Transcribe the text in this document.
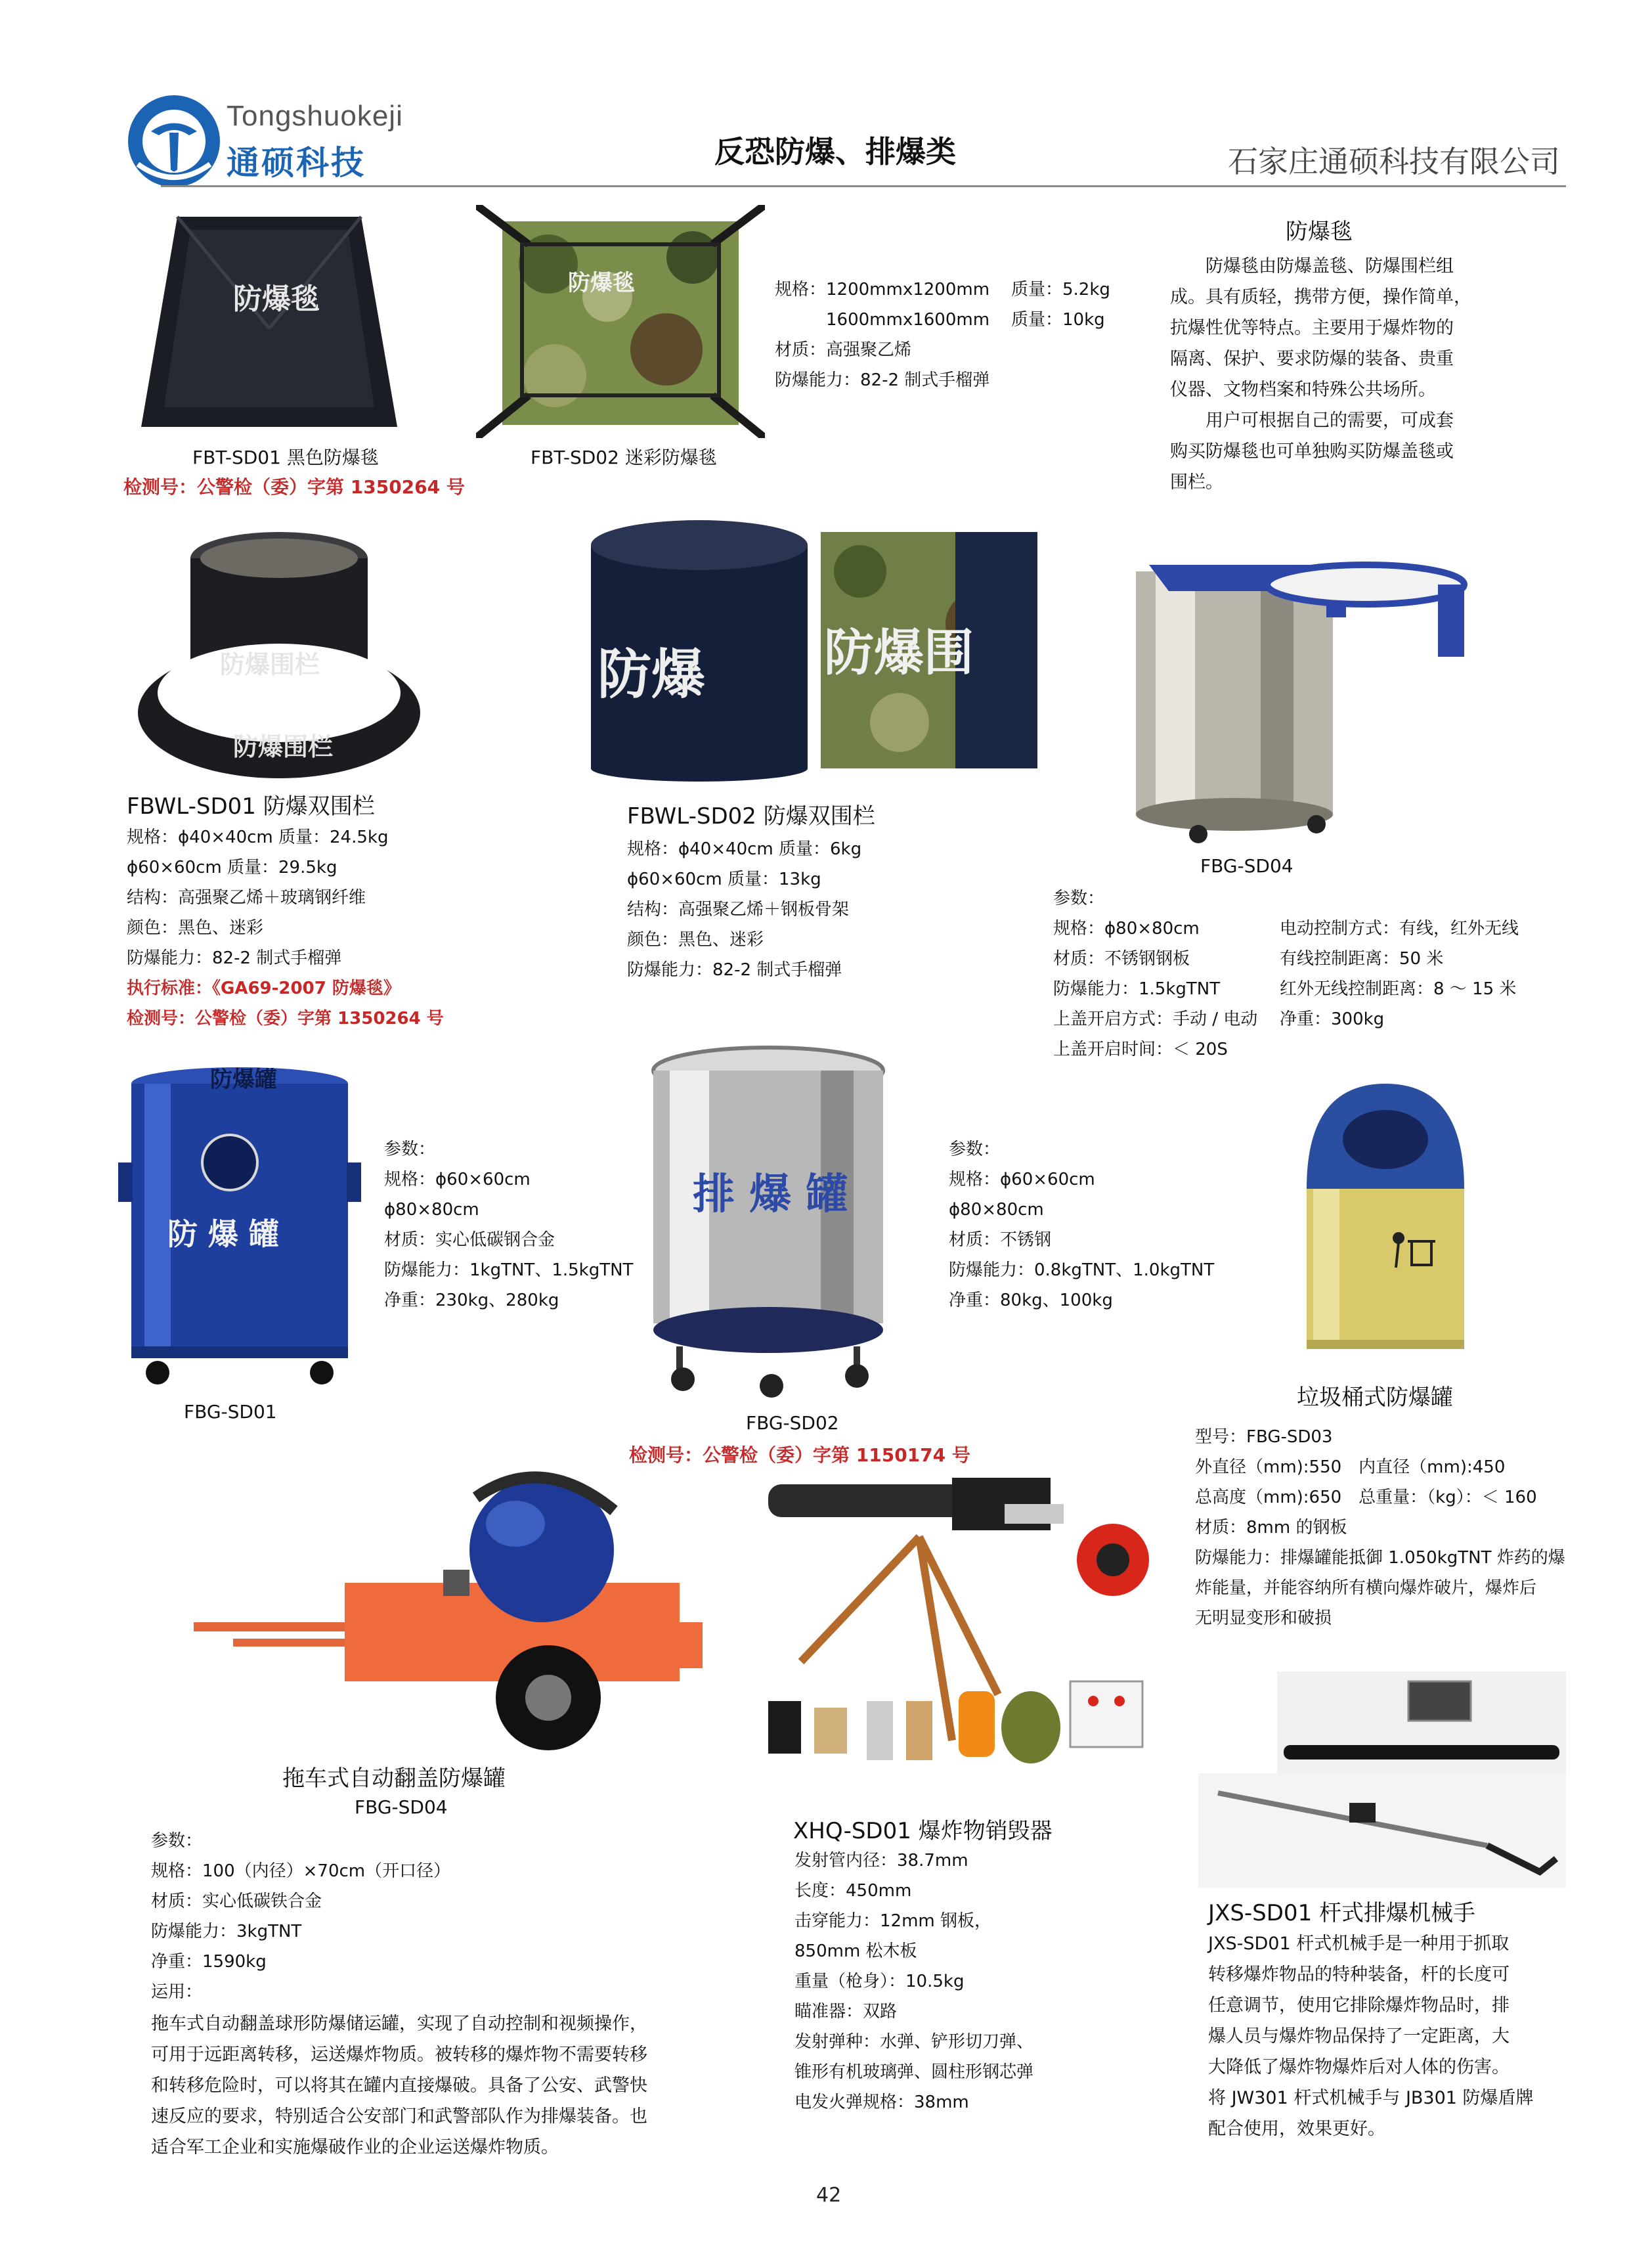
Tongshuokeji
通硕科技	反恐防爆、排爆类	石家庄通硕科技有限公司
防爆毯	防爆毯
FBT-SD01 黑色防爆毯	FBT-SD02 迷彩防爆毯
检测号：公警检（委）字第 1350264 号
规格：1200mmx1200mm 质量：5.2kg
　　　1600mmx1600mm 质量：10kg
材质：高强聚乙烯
防爆能力：82-2 制式手榴弹
防爆毯
　　防爆毯由防爆盖毯、防爆围栏组
成。具有质轻，携带方便，操作简单，
抗爆性优等特点。主要用于爆炸物的
隔离、保护、要求防爆的装备、贵重
仪器、文物档案和特殊公共场所。
　　用户可根据自己的需要，可成套
购买防爆毯也可单独购买防爆盖毯或
围栏。
防爆围栏
防爆围栏
FBWL-SD01 防爆双围栏
规格：ϕ40×40cm 质量：24.5kg
ϕ60×60cm 质量：29.5kg
结构：高强聚乙烯＋玻璃钢纤维
颜色：黑色、迷彩
防爆能力：82-2 制式手榴弹
执行标准：《GA69-2007 防爆毯》
检测号：公警检（委）字第 1350264 号
防爆 防爆围
FBWL-SD02 防爆双围栏
规格：ϕ40×40cm 质量：6kg
ϕ60×60cm 质量：13kg
结构：高强聚乙烯＋钢板骨架
颜色：黑色、迷彩
防爆能力：82-2 制式手榴弹
FBG-SD04
参数：
规格：ϕ80×80cm	电动控制方式：有线，红外无线
材质：不锈钢钢板	有线控制距离：50 米
防爆能力：1.5kgTNT	红外无线控制距离：8 ～ 15 米
上盖开启方式：手动 / 电动 净重：300kg
上盖开启时间：＜ 20S
防爆罐
防 爆 罐
FBG-SD01
参数：
规格：ϕ60×60cm
ϕ80×80cm
材质：实心低碳钢合金
防爆能力：1kgTNT、1.5kgTNT
净重：230kg、280kg
排 爆 罐
FBG-SD02
检测号：公警检（委）字第 1150174 号
参数：
规格：ϕ60×60cm
ϕ80×80cm
材质：不锈钢
防爆能力：0.8kgTNT、1.0kgTNT
净重：80kg、100kg
垃圾桶式防爆罐
型号：FBG-SD03
外直径（mm):550　内直径（mm):450
总高度（mm):650　总重量：（kg）：＜ 160
材质：8mm 的钢板
防爆能力：排爆罐能抵御 1.050kgTNT 炸药的爆
炸能量，并能容纳所有横向爆炸破片，爆炸后
无明显变形和破损
拖车式自动翻盖防爆罐
FBG-SD04
参数：
规格：100（内径）×70cm（开口径）
材质：实心低碳铁合金
防爆能力：3kgTNT
净重：1590kg
运用：
拖车式自动翻盖球形防爆储运罐，实现了自动控制和视频操作，
可用于远距离转移，运送爆炸物质。被转移的爆炸物不需要转移
和转移危险时，可以将其在罐内直接爆破。具备了公安、武警快
速反应的要求，特别适合公安部门和武警部队作为排爆装备。也
适合军工企业和实施爆破作业的企业运送爆炸物质。
XHQ-SD01 爆炸物销毁器
发射管内径：38.7mm
长度：450mm
击穿能力：12mm 钢板，
850mm 松木板
重量（枪身）：10.5kg
瞄准器：双路
发射弹种：水弹、铲形切刀弹、
锥形有机玻璃弹、圆柱形钢芯弹
电发火弹规格：38mm
JXS-SD01 杆式排爆机械手
JXS-SD01 杆式机械手是一种用于抓取
转移爆炸物品的特种装备，杆的长度可
任意调节，使用它排除爆炸物品时，排
爆人员与爆炸物品保持了一定距离，大
大降低了爆炸物爆炸后对人体的伤害。
将 JW301 杆式机械手与 JB301 防爆盾牌
配合使用，效果更好。
42
